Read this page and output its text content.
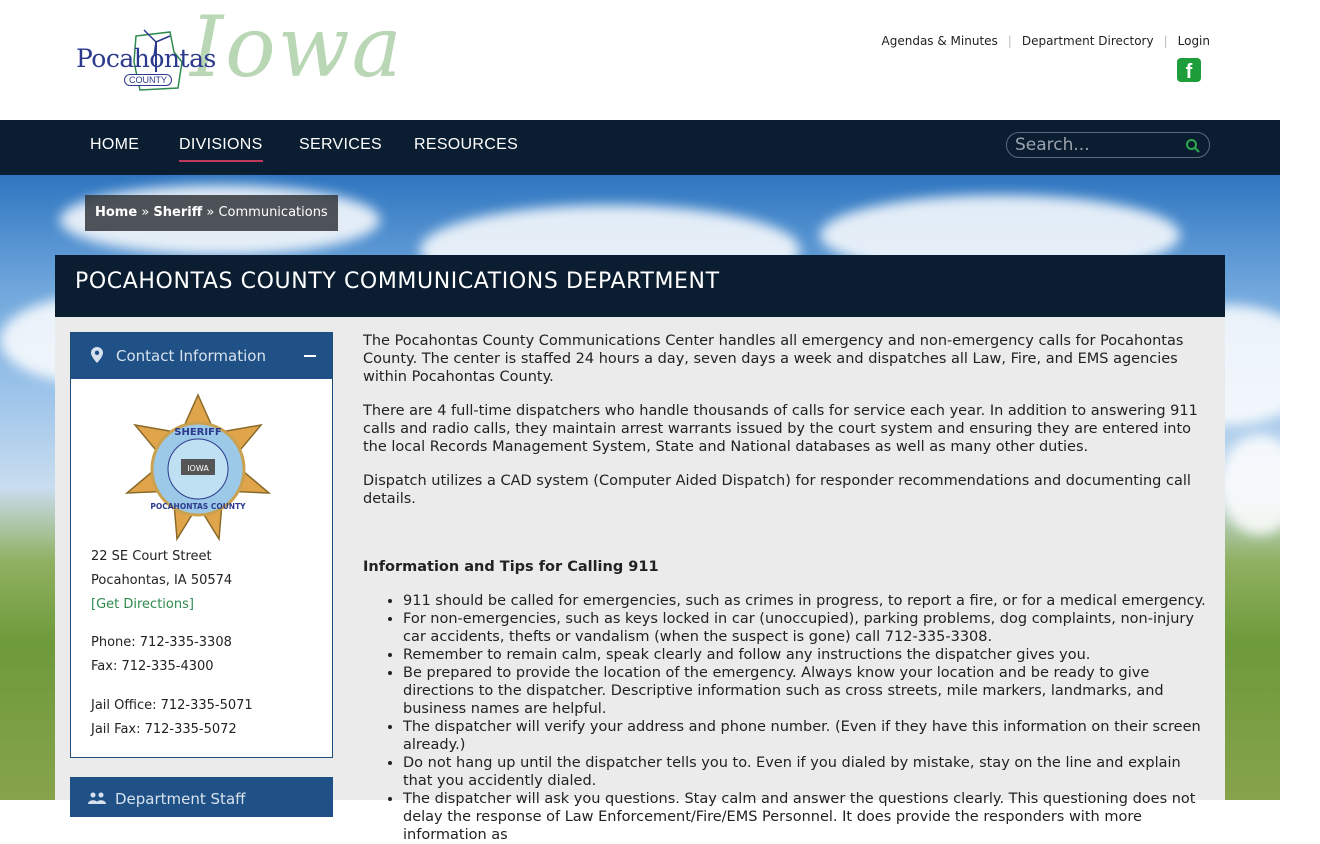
Iowa
Pocahontas
COUNTY
Agendas & Minutes | Department Directory | Login
f
HOME DIVISIONS SERVICES RESOURCES
Search...
Home » Sheriff » Communications
POCAHONTAS COUNTY COMMUNICATIONS DEPARTMENT
Contact Information
IOWA
SHERIFF
POCAHONTAS COUNTY
22 SE Court Street
Pocahontas, IA 50574
[Get Directions]
Phone: 712-335-3308
Fax: 712-335-4300
Jail Office: 712-335-5071
Jail Fax: 712-335-5072
Department Staff

The Pocahontas County Communications Center handles all emergency and non-emergency calls for Pocahontas County. The center is staffed 24 hours a day, seven days a week and dispatches all Law, Fire, and EMS agencies within Pocahontas County.

There are 4 full-time dispatchers who handle thousands of calls for service each year. In addition to answering 911 calls and radio calls, they maintain arrest warrants issued by the court system and ensuring they are entered into the local Records Management System, State and National databases as well as many other duties.

Dispatch utilizes a CAD system (Computer Aided Dispatch) for responder recommendations and documenting call details.

Information and Tips for Calling 911
• 911 should be called for emergencies, such as crimes in progress, to report a fire, or for a medical emergency.
• For non-emergencies, such as keys locked in car (unoccupied), parking problems, dog complaints, non-injury car accidents, thefts or vandalism (when the suspect is gone) call 712-335-3308.
• Remember to remain calm, speak clearly and follow any instructions the dispatcher gives you.
• Be prepared to provide the location of the emergency. Always know your location and be ready to give directions to the dispatcher. Descriptive information such as cross streets, mile markers, landmarks, and business names are helpful.
• The dispatcher will verify your address and phone number. (Even if they have this information on their screen already.)
• Do not hang up until the dispatcher tells you to. Even if you dialed by mistake, stay on the line and explain that you accidently dialed.
• The dispatcher will ask you questions. Stay calm and answer the questions clearly. This questioning does not delay the response of Law Enforcement/Fire/EMS Personnel. It does provide the responders with more information as
